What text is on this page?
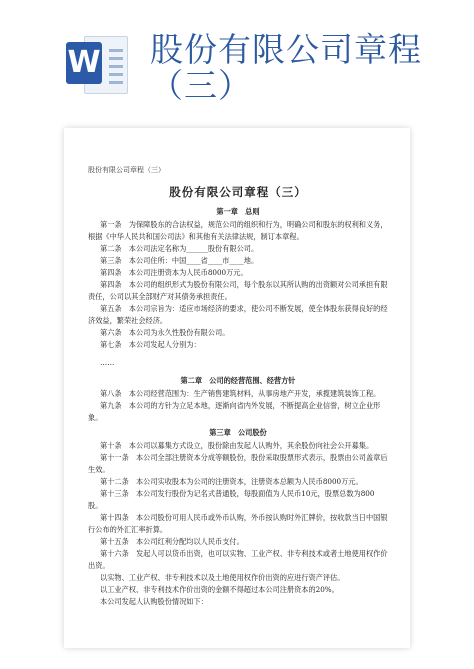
W 股份有限公司章程
（三）
股份有限公司章程（三）
股份有限公司章程（三）
第一章　总则
第一条　为保障股东的合法权益，规范公司的组织和行为，明确公司和股东的权利和义务，根据《中华人民共和国公司法》和其他有关法律法规，制订本章程。
第二条　本公司法定名称为______股份有限公司。
第三条　本公司住所：中国____省____市____地。
第四条　本公司注册资本为人民币8000万元。
第四条　本公司的组织形式为股份有限公司，每个股东以其所认购的出资额对公司承担有限责任，公司以其全部财产对其债务承担责任。
第五条　本公司宗旨为：适应市场经济的要求，使公司不断发展，使全体股东获得良好的经济效益，繁荣社会经济。
第六条　本公司为永久性股份有限公司。
第七条　本公司发起人分别为：
……
第二章　公司的经营范围、经营方针
第八条　本公司经营范围为：生产销售建筑材料，从事房地产开发，承揽建筑装饰工程。
第九条　本公司的方针为立足本地，逐渐向省内外发展，不断提高企业信誉，树立企业形象。
第三章　公司股份
第十条　本公司以募集方式设立，股份除由发起人认购外，其余股份向社会公开募集。
第十一条　本公司全部注册资本分成等额股份，股份采取股票形式表示，股票由公司盖章后生效。
第十二条　本公司实收股本为公司的注册资本，注册资本总额为人民币8000万元。
第十三条　本公司发行股份为记名式普通股，每股面值为人民币10元，股票总数为800股。
第十四条　本公司股份可用人民币或外币认购，外币按认购时外汇牌价，按收款当日中国银行公布的外汇汇率折算。
第十五条　本公司红利分配均以人民币支付。
第十六条　发起人可以货币出资，也可以实物、工业产权、非专利技术或者土地使用权作价出资。
以实物、工业产权、非专利技术以及土地使用权作价出资的应进行资产评估。
以工业产权、非专利技术作价出资的金额不得超过本公司注册资本的20%。
本公司发起人认购股份情况如下：
